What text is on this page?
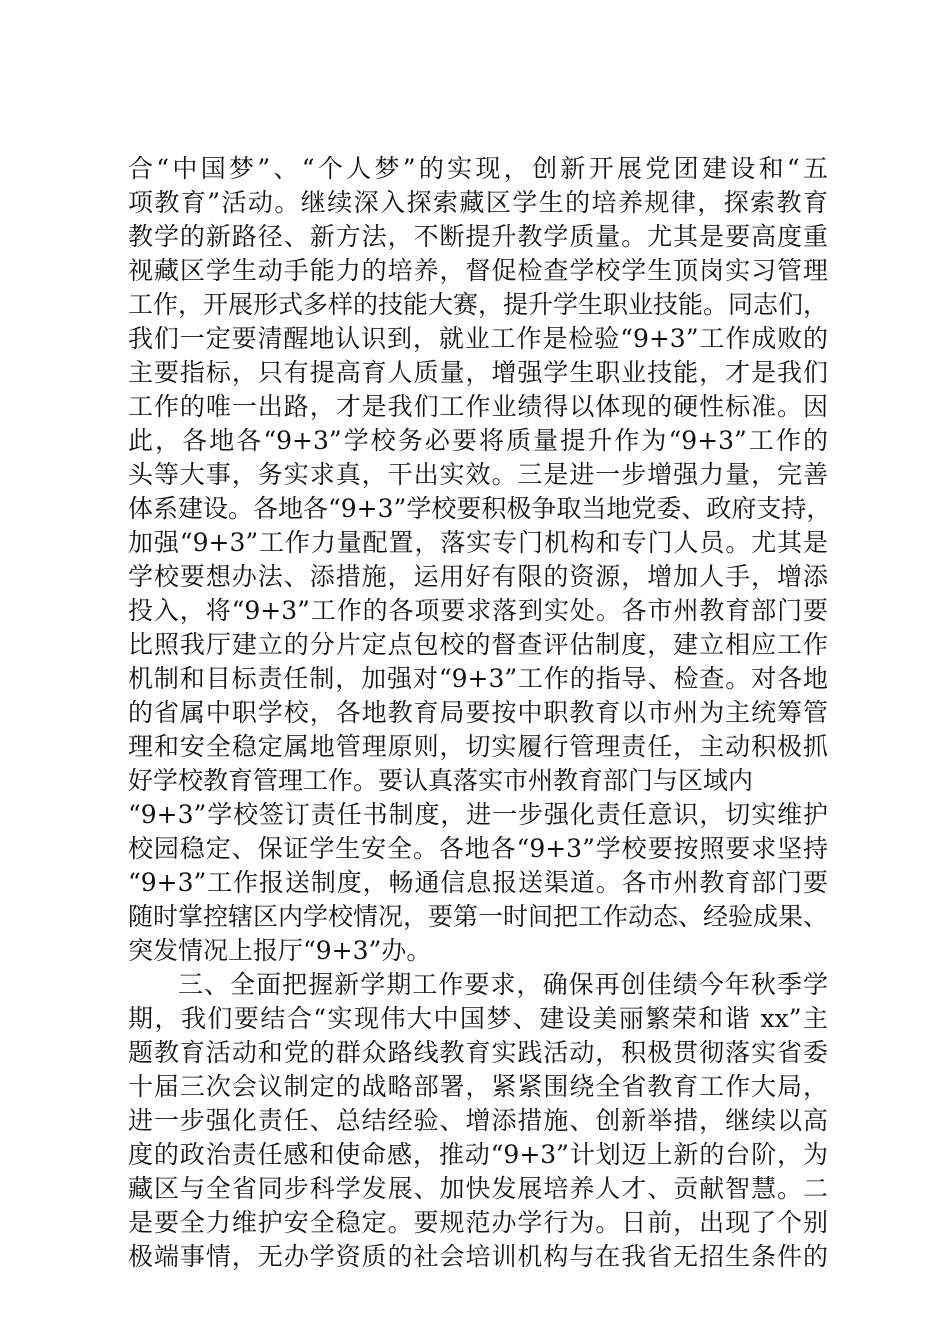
合“中国梦”、“个人梦”的实现，创新开展党团建设和“五
项教育”活动。继续深入探索藏区学生的培养规律，探索教育
教学的新路径、新方法，不断提升教学质量。尤其是要高度重
视藏区学生动手能力的培养，督促检查学校学生顶岗实习管理
工作，开展形式多样的技能大赛，提升学生职业技能。同志们，
我们一定要清醒地认识到，就业工作是检验“9+3”工作成败的
主要指标，只有提高育人质量，增强学生职业技能，才是我们
工作的唯一出路，才是我们工作业绩得以体现的硬性标准。因
此，各地各“9+3”学校务必要将质量提升作为“9+3”工作的
头等大事，务实求真，干出实效。三是进一步增强力量，完善
体系建设。各地各“9+3”学校要积极争取当地党委、政府支持，
加强“9+3”工作力量配置，落实专门机构和专门人员。尤其是
学校要想办法、添措施，运用好有限的资源，增加人手，增添
投入，将“9+3”工作的各项要求落到实处。各市州教育部门要
比照我厅建立的分片定点包校的督查评估制度，建立相应工作
机制和目标责任制，加强对“9+3”工作的指导、检查。对各地
的省属中职学校，各地教育局要按中职教育以市州为主统筹管
理和安全稳定属地管理原则，切实履行管理责任，主动积极抓
好学校教育管理工作。要认真落实市州教育部门与区域内
“9+3”学校签订责任书制度，进一步强化责任意识，切实维护
校园稳定、保证学生安全。各地各“9+3”学校要按照要求坚持
“9+3”工作报送制度，畅通信息报送渠道。各市州教育部门要
随时掌控辖区内学校情况，要第一时间把工作动态、经验成果、
突发情况上报厅“9+3”办。
三、全面把握新学期工作要求，确保再创佳绩今年秋季学
期，我们要结合“实现伟大中国梦、建设美丽繁荣和谐 xx”主
题教育活动和党的群众路线教育实践活动，积极贯彻落实省委
十届三次会议制定的战略部署，紧紧围绕全省教育工作大局，
进一步强化责任、总结经验、增添措施、创新举措，继续以高
度的政治责任感和使命感，推动“9+3”计划迈上新的台阶，为
藏区与全省同步科学发展、加快发展培养人才、贡献智慧。二
是要全力维护安全稳定。要规范办学行为。日前，出现了个别
极端事情，无办学资质的社会培训机构与在我省无招生条件的
